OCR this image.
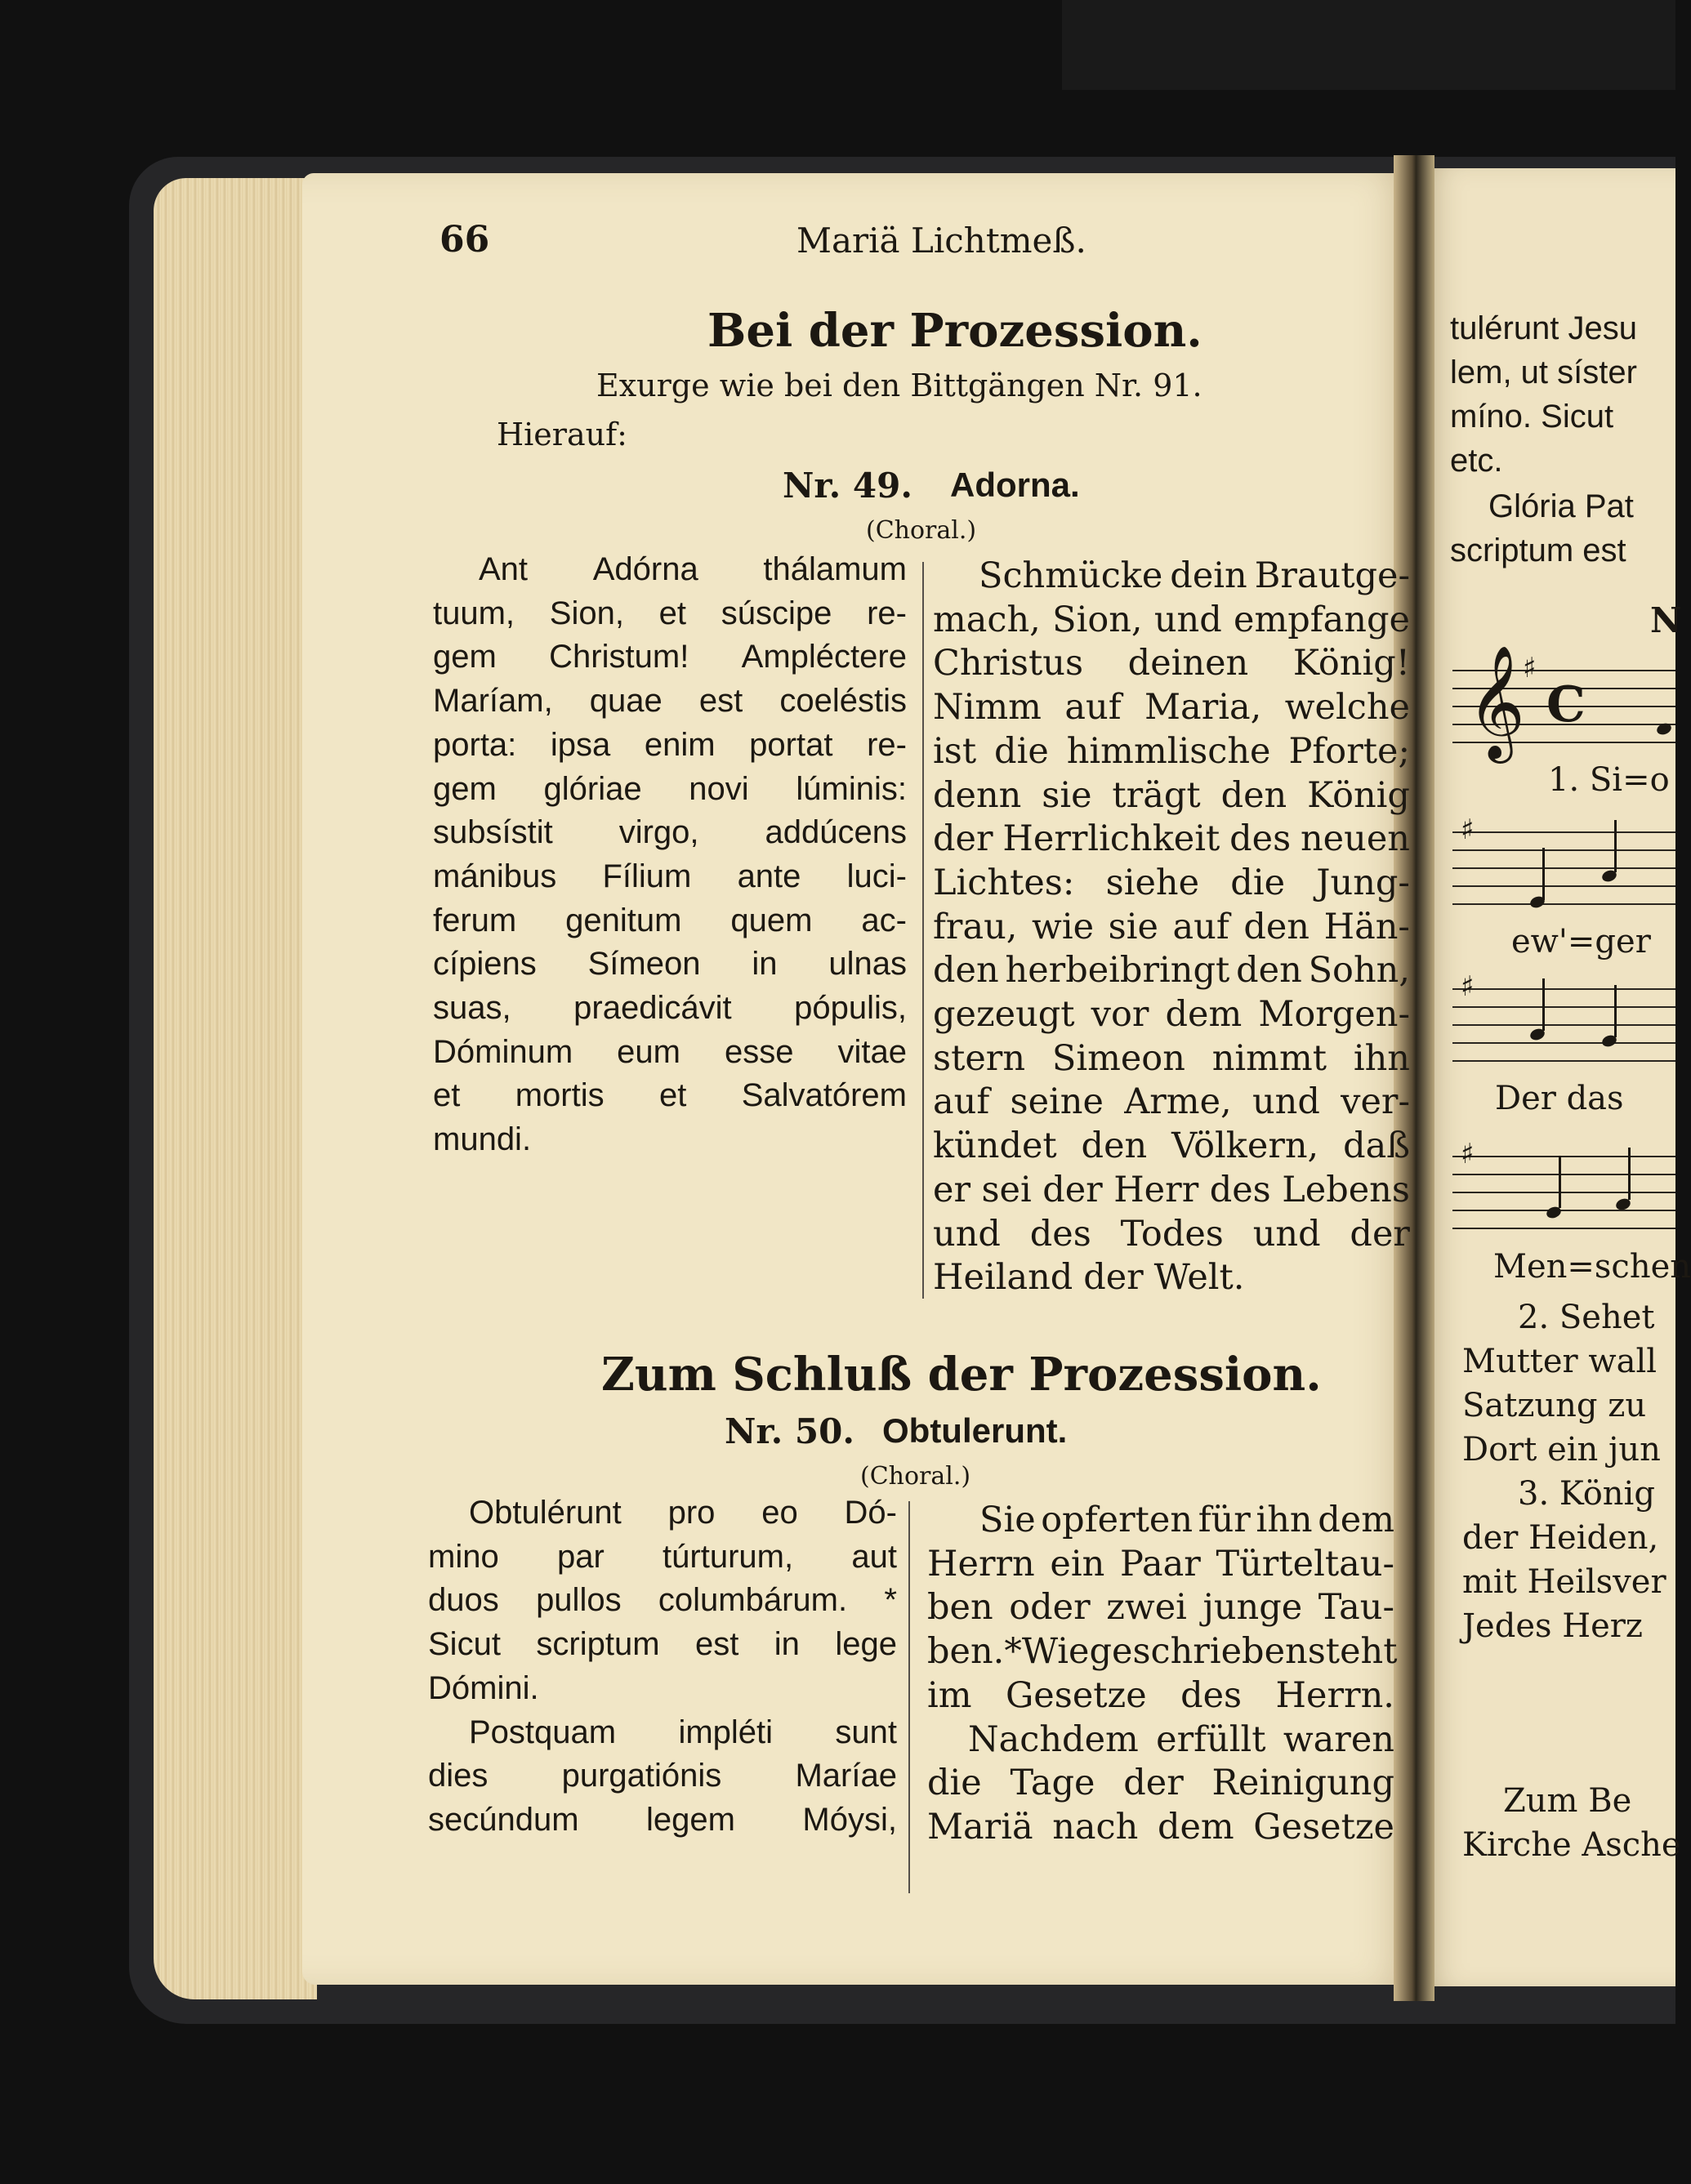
66	Mariä Lichtmeß.
Bei der Prozession.
Exurge wie bei den Bittgängen Nr. 91.
Hierauf:
Nr. 49. Adorna.
(Choral.)
Ant Adórna thálamum
tuum, Sion, et súscipe re-
gem Christum! Ampléctere
Maríam, quae est coeléstis
porta: ipsa enim portat re-
gem glóriae novi lúminis:
subsístit virgo, addúcens
mánibus Fílium ante luci-
ferum genitum quem ac-
cípiens Símeon in ulnas
suas, praedicávit pópulis,
Dóminum eum esse vitae
et mortis et Salvatórem
mundi.
Schmücke dein Brautge-
mach, Sion, und empfange
Christus deinen König!
Nimm auf Maria, welche
ist die himmlische Pforte;
denn sie trägt den König
der Herrlichkeit des neuen
Lichtes: siehe die Jung-
frau, wie sie auf den Hän-
den herbeibringt den Sohn,
gezeugt vor dem Morgen-
stern Simeon nimmt ihn
auf seine Arme, und ver-
kündet den Völkern, daß
er sei der Herr des Lebens
und des Todes und der
Heiland der Welt.
Zum Schluß der Prozession.
Nr. 50. Obtulerunt.
(Choral.)
Obtulérunt pro eo Dó-
mino par túrturum, aut
duos pullos columbárum. *
Sicut scriptum est in lege
Dómini.
Postquam impléti sunt
dies purgatiónis Maríae
secúndum legem Móysi,
Sie opferten für ihn dem
Herrn ein Paar Türteltau-
ben oder zwei junge Tau-
ben. *Wie geschrieben steht
im Gesetze des Herrn.
Nachdem erfüllt waren
die Tage der Reinigung
Mariä nach dem Gesetze
tulérunt Jesu
lem, ut síster
míno. Sicut
etc.
Glória Pat
scriptum est
N
𝄞
♯
C
♯
♯
♯
1. Si=o
ew'=ger
Der das
Men=schen
2. Sehet
Mutter wall
Satzung zu
Dort ein jun
3. König
der Heiden,
mit Heilsver
Jedes Herz
Zum Be
Kirche Asche
